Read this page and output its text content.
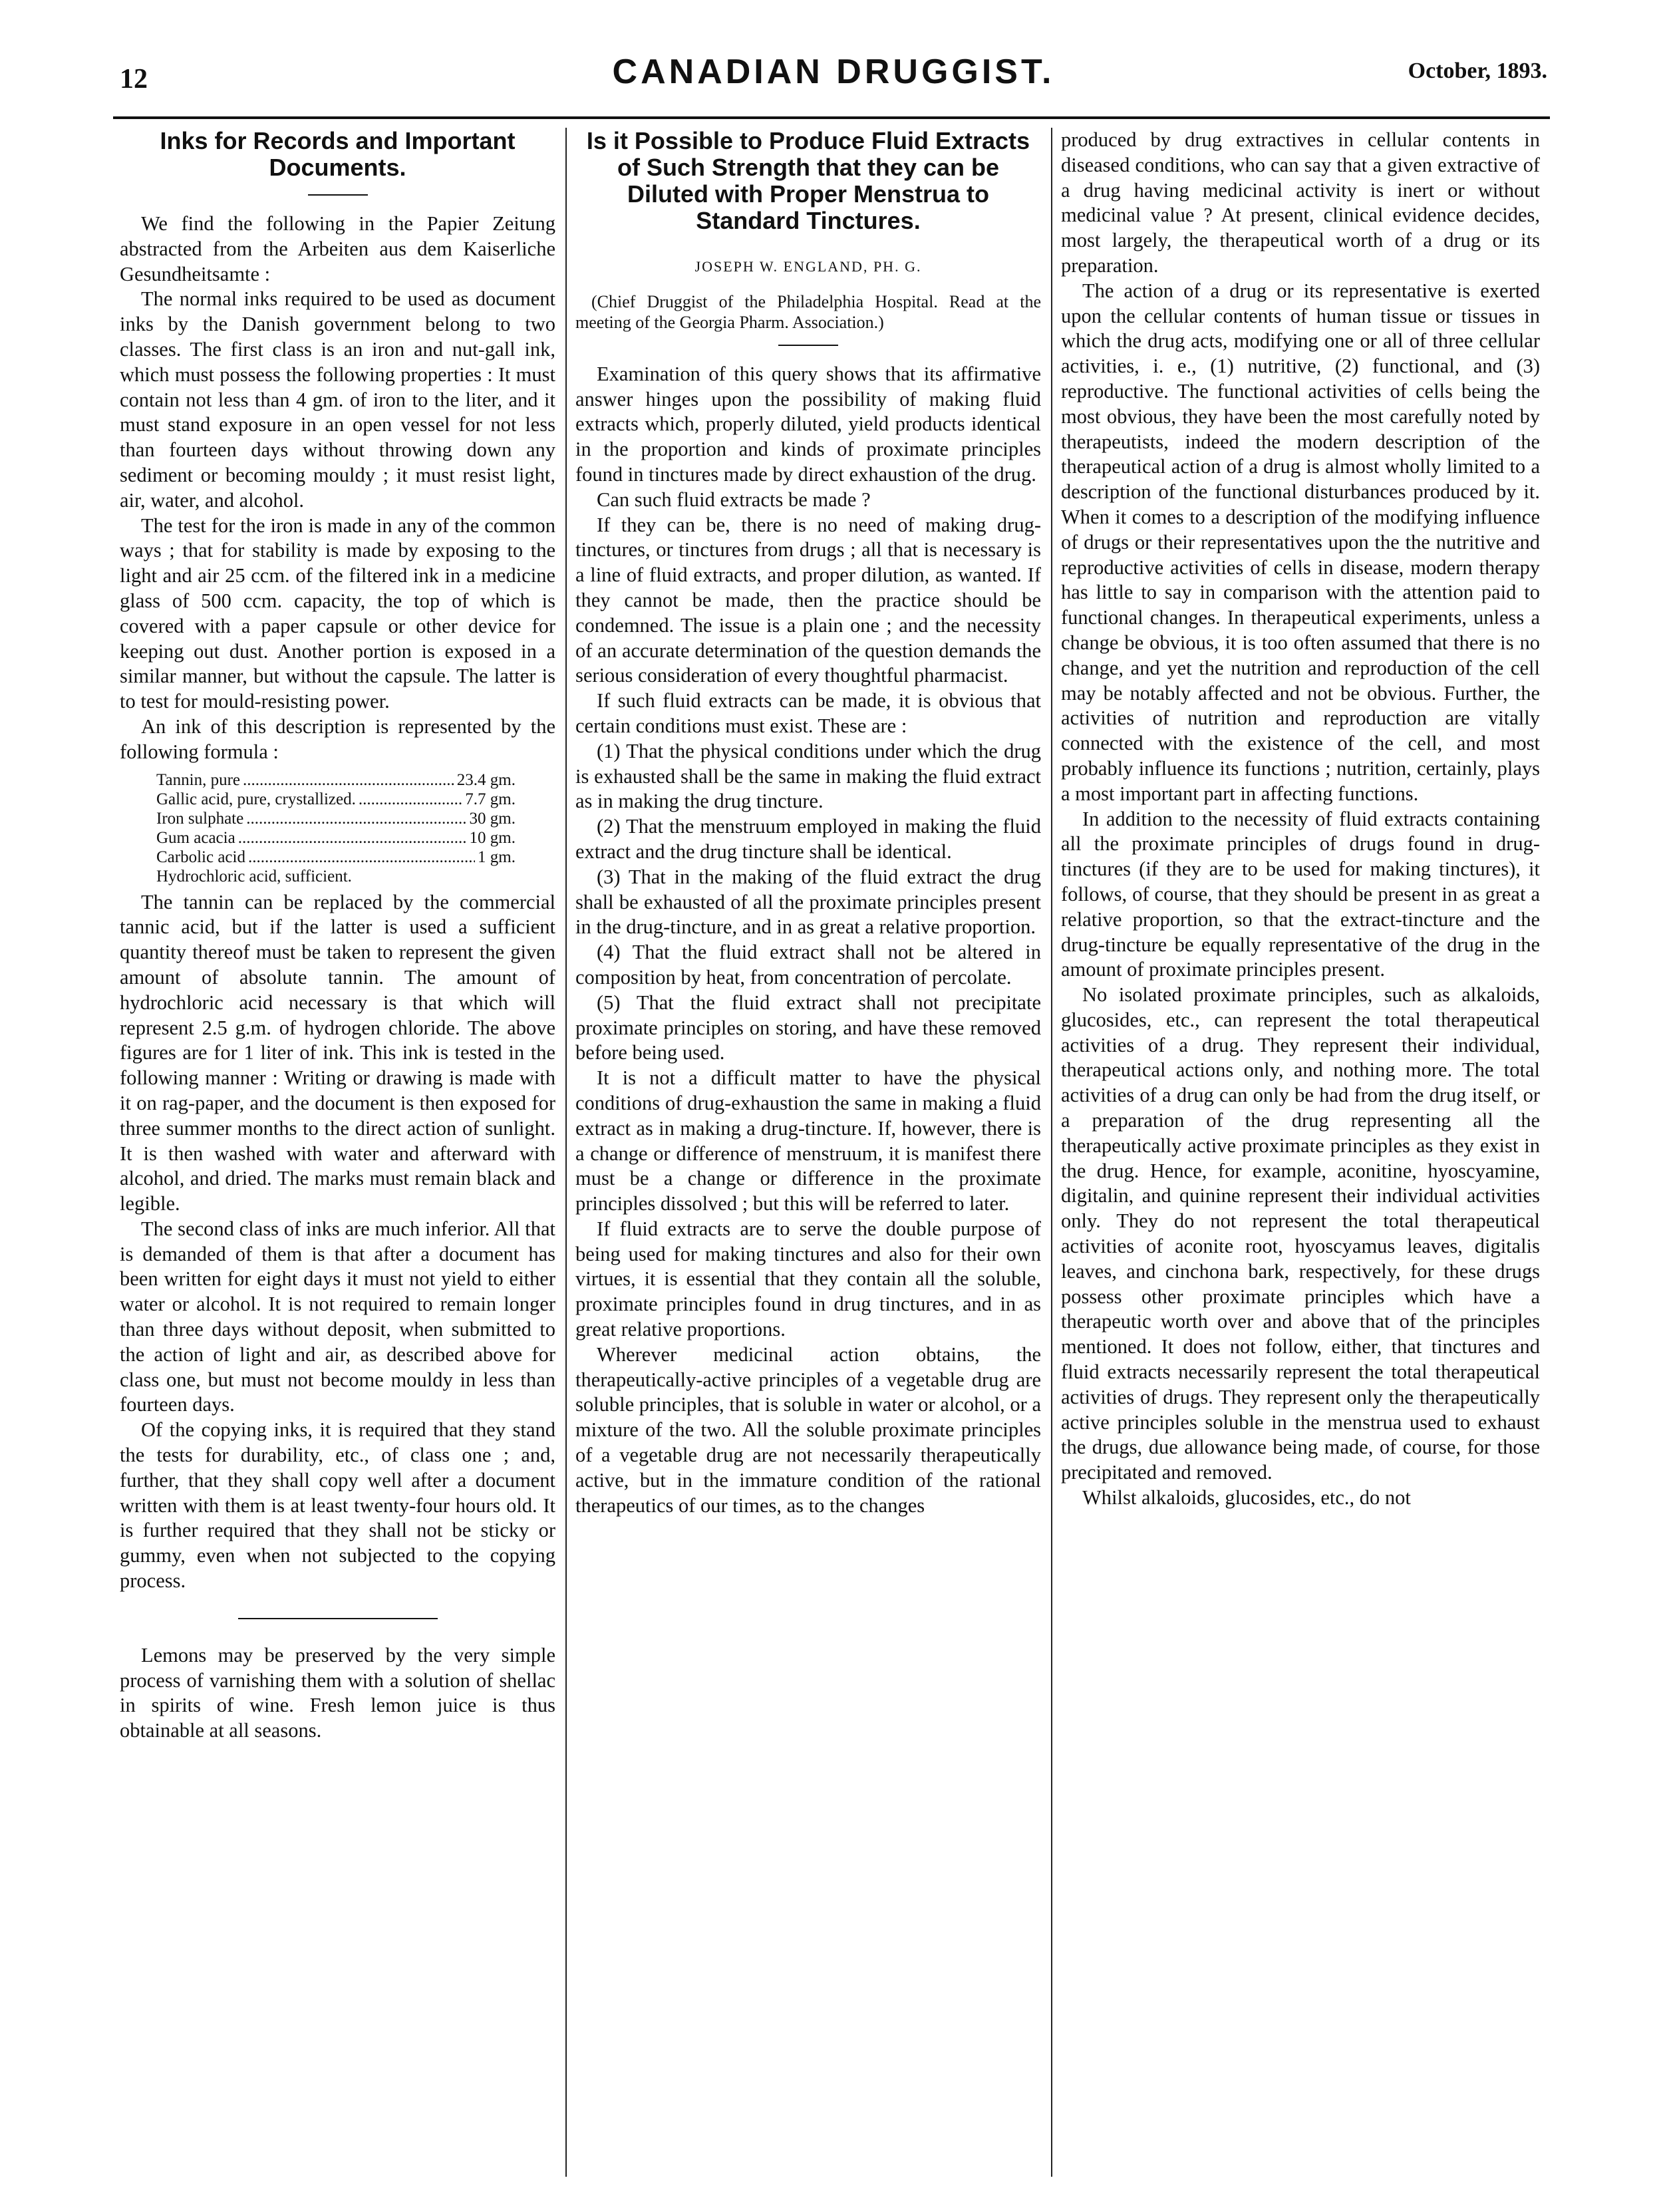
12	CANADIAN DRUGGIST.	October, 1893.
Inks for Records and Important Documents.

We find the following in the Papier Zeitung abstracted from the Arbeiten aus dem Kaiserliche Gesundheitsamte :

The normal inks required to be used as document inks by the Danish government belong to two classes. The first class is an iron and nut-gall ink, which must possess the following properties : It must contain not less than 4 gm. of iron to the liter, and it must stand exposure in an open vessel for not less than fourteen days without throwing down any sediment or becoming mouldy ; it must resist light, air, water, and alcohol.

The test for the iron is made in any of the common ways ; that for stability is made by exposing to the light and air 25 ccm. of the filtered ink in a medicine glass of 500 ccm. capacity, the top of which is covered with a paper capsule or other device for keeping out dust. Another portion is exposed in a similar manner, but without the capsule. The latter is to test for mould-resisting power.

An ink of this description is represented by the following formula :

Tannin, pure .....	23.4 gm.
Gallic acid, pure, crystallized. .....	7.7 gm.
Iron sulphate .....	30 gm.
Gum acacia .....	10 gm.
Carbolic acid .....	1 gm.
Hydrochloric acid, sufficient.

The tannin can be replaced by the commercial tannic acid, but if the latter is used a sufficient quantity thereof must be taken to represent the given amount of absolute tannin. The amount of hydrochloric acid necessary is that which will represent 2.5 g.m. of hydrogen chloride. The above figures are for 1 liter of ink. This ink is tested in the following manner : Writing or drawing is made with it on rag-paper, and the document is then exposed for three summer months to the direct action of sunlight. It is then washed with water and afterward with alcohol, and dried. The marks must remain black and legible.

The second class of inks are much inferior. All that is demanded of them is that after a document has been written for eight days it must not yield to either water or alcohol. It is not required to remain longer than three days without deposit, when submitted to the action of light and air, as described above for class one, but must not become mouldy in less than fourteen days.

Of the copying inks, it is required that they stand the tests for durability, etc., of class one ; and, further, that they shall copy well after a document written with them is at least twenty-four hours old. It is further required that they shall not be sticky or gummy, even when not subjected to the copying process.

Lemons may be preserved by the very simple process of varnishing them with a solution of shellac in spirits of wine. Fresh lemon juice is thus obtainable at all seasons.

Is it Possible to Produce Fluid Extracts of Such Strength that they can be Diluted with Proper Menstrua to Standard Tinctures.

JOSEPH W. ENGLAND, PH. G.

(Chief Druggist of the Philadelphia Hospital. Read at the meeting of the Georgia Pharm. Association.)

Examination of this query shows that its affirmative answer hinges upon the possibility of making fluid extracts which, properly diluted, yield products identical in the proportion and kinds of proximate principles found in tinctures made by direct exhaustion of the drug.

Can such fluid extracts be made ?

If they can be, there is no need of making drug-tinctures, or tinctures from drugs ; all that is necessary is a line of fluid extracts, and proper dilution, as wanted. If they cannot be made, then the practice should be condemned. The issue is a plain one ; and the necessity of an accurate determination of the question demands the serious consideration of every thoughtful pharmacist.

If such fluid extracts can be made, it is obvious that certain conditions must exist. These are :

(1) That the physical conditions under which the drug is exhausted shall be the same in making the fluid extract as in making the drug tincture.

(2) That the menstruum employed in making the fluid extract and the drug tincture shall be identical.

(3) That in the making of the fluid extract the drug shall be exhausted of all the proximate principles present in the drug-tincture, and in as great a relative proportion.

(4) That the fluid extract shall not be altered in composition by heat, from concentration of percolate.

(5) That the fluid extract shall not precipitate proximate principles on storing, and have these removed before being used.

It is not a difficult matter to have the physical conditions of drug-exhaustion the same in making a fluid extract as in making a drug-tincture. If, however, there is a change or difference of menstruum, it is manifest there must be a change or difference in the proximate principles dissolved ; but this will be referred to later.

If fluid extracts are to serve the double purpose of being used for making tinctures and also for their own virtues, it is essential that they contain all the soluble, proximate principles found in drug tinctures, and in as great relative proportions.

Wherever medicinal action obtains, the therapeutically-active principles of a vegetable drug are soluble principles, that is soluble in water or alcohol, or a mixture of the two. All the soluble proximate principles of a vegetable drug are not necessarily therapeutically active, but in the immature condition of the rational therapeutics of our times, as to the changes

produced by drug extractives in cellular contents in diseased conditions, who can say that a given extractive of a drug having medicinal activity is inert or without medicinal value ? At present, clinical evidence decides, most largely, the therapeutical worth of a drug or its preparation.

The action of a drug or its representative is exerted upon the cellular contents of human tissue or tissues in which the drug acts, modifying one or all of three cellular activities, i. e., (1) nutritive, (2) functional, and (3) reproductive. The functional activities of cells being the most obvious, they have been the most carefully noted by therapeutists, indeed the modern description of the therapeutical action of a drug is almost wholly limited to a description of the functional disturbances produced by it. When it comes to a description of the modifying influence of drugs or their representatives upon the the nutritive and reproductive activities of cells in disease, modern therapy has little to say in comparison with the attention paid to functional changes. In therapeutical experiments, unless a change be obvious, it is too often assumed that there is no change, and yet the nutrition and reproduction of the cell may be notably affected and not be obvious. Further, the activities of nutrition and reproduction are vitally connected with the existence of the cell, and most probably influence its functions ; nutrition, certainly, plays a most important part in affecting functions.

In addition to the necessity of fluid extracts containing all the proximate principles of drugs found in drug-tinctures (if they are to be used for making tinctures), it follows, of course, that they should be present in as great a relative proportion, so that the extract-tincture and the drug-tincture be equally representative of the drug in the amount of proximate principles present.

No isolated proximate principles, such as alkaloids, glucosides, etc., can represent the total therapeutical activities of a drug. They represent their individual, therapeutical actions only, and nothing more. The total activities of a drug can only be had from the drug itself, or a preparation of the drug representing all the therapeutically active proximate principles as they exist in the drug. Hence, for example, aconitine, hyoscyamine, digitalin, and quinine represent their individual activities only. They do not represent the total therapeutical activities of aconite root, hyoscyamus leaves, digitalis leaves, and cinchona bark, respectively, for these drugs possess other proximate principles which have a therapeutic worth over and above that of the principles mentioned. It does not follow, either, that tinctures and fluid extracts necessarily represent the total therapeutical activities of drugs. They represent only the therapeutically active principles soluble in the menstrua used to exhaust the drugs, due allowance being made, of course, for those precipitated and removed.

Whilst alkaloids, glucosides, etc., do not
